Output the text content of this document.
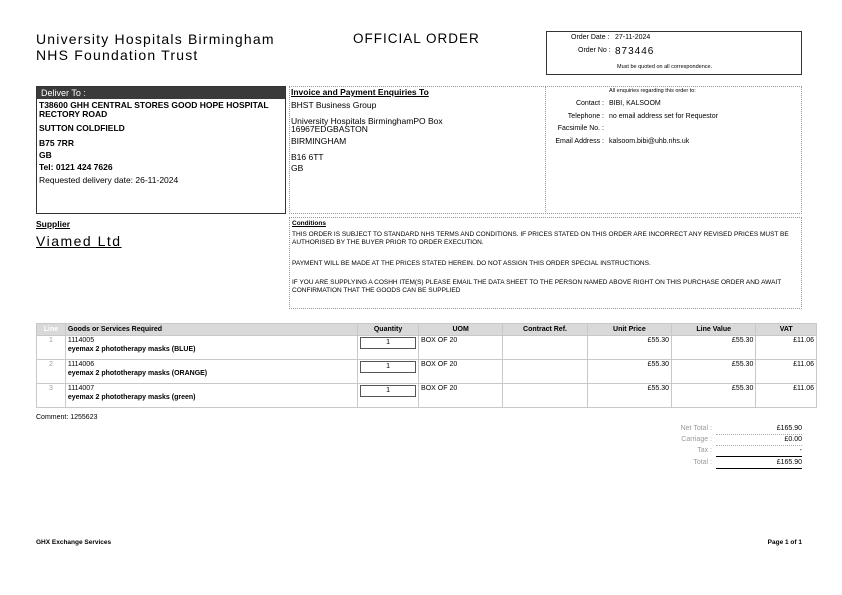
University Hospitals Birmingham
NHS Foundation Trust
OFFICIAL ORDER	Order Date : 27-11-2024
Order No : 873446
Must be quoted on all correspondence.
Deliver To :
T38600 GHH CENTRAL STORES GOOD HOPE HOSPITAL RECTORY ROAD
SUTTON COLDFIELD
B75 7RR
GB
Tel: 0121 424 7626
Requested delivery date: 26-11-2024
Invoice and Payment Enquiries To
BHST Business Group
University Hospitals BirminghamPO Box
16967EDGBASTON
BIRMINGHAM
B16 6TT
GB
All enquiries regarding this order to:
Contact : BIBI, KALSOOM
Telephone : no email address set for Requestor
Facsimile No. :
Email Address : kalsoom.bibi@uhb.nhs.uk
Supplier
Viamed Ltd
Conditions
THIS ORDER IS SUBJECT TO STANDARD NHS TERMS AND CONDITIONS. IF PRICES STATED ON THIS ORDER ARE INCORRECT ANY REVISED PRICES MUST BE AUTHORISED BY THE BUYER PRIOR TO ORDER EXECUTION.
PAYMENT WILL BE MADE AT THE PRICES STATED HEREIN. DO NOT ASSIGN THIS ORDER SPECIAL INSTRUCTIONS.
IF YOU ARE SUPPLYING A COSHH ITEM(S) PLEASE EMAIL THE DATA SHEET TO THE PERSON NAMED ABOVE RIGHT ON THIS PURCHASE ORDER AND AWAIT CONFIRMATION THAT THE GOODS CAN BE SUPPLIED
Line	Goods or Services Required	Quantity	UOM	Contract Ref.	Unit Price	Line Value	VAT
1	1114005
eyemax 2 phototherapy masks (BLUE)	1	BOX OF 20		£55.30	£55.30	£11.06
2	1114006
eyemax 2 phototherapy masks (ORANGE)	1	BOX OF 20		£55.30	£55.30	£11.06
3	1114007
eyemax 2 phototherapy masks (green)	1	BOX OF 20		£55.30	£55.30	£11.06
Comment: 1255623
Net Total :	£165.90
Carriage :	£0.00
Tax :	-
Total :	£165.90
GHX Exchange Services	Page 1 of 1
